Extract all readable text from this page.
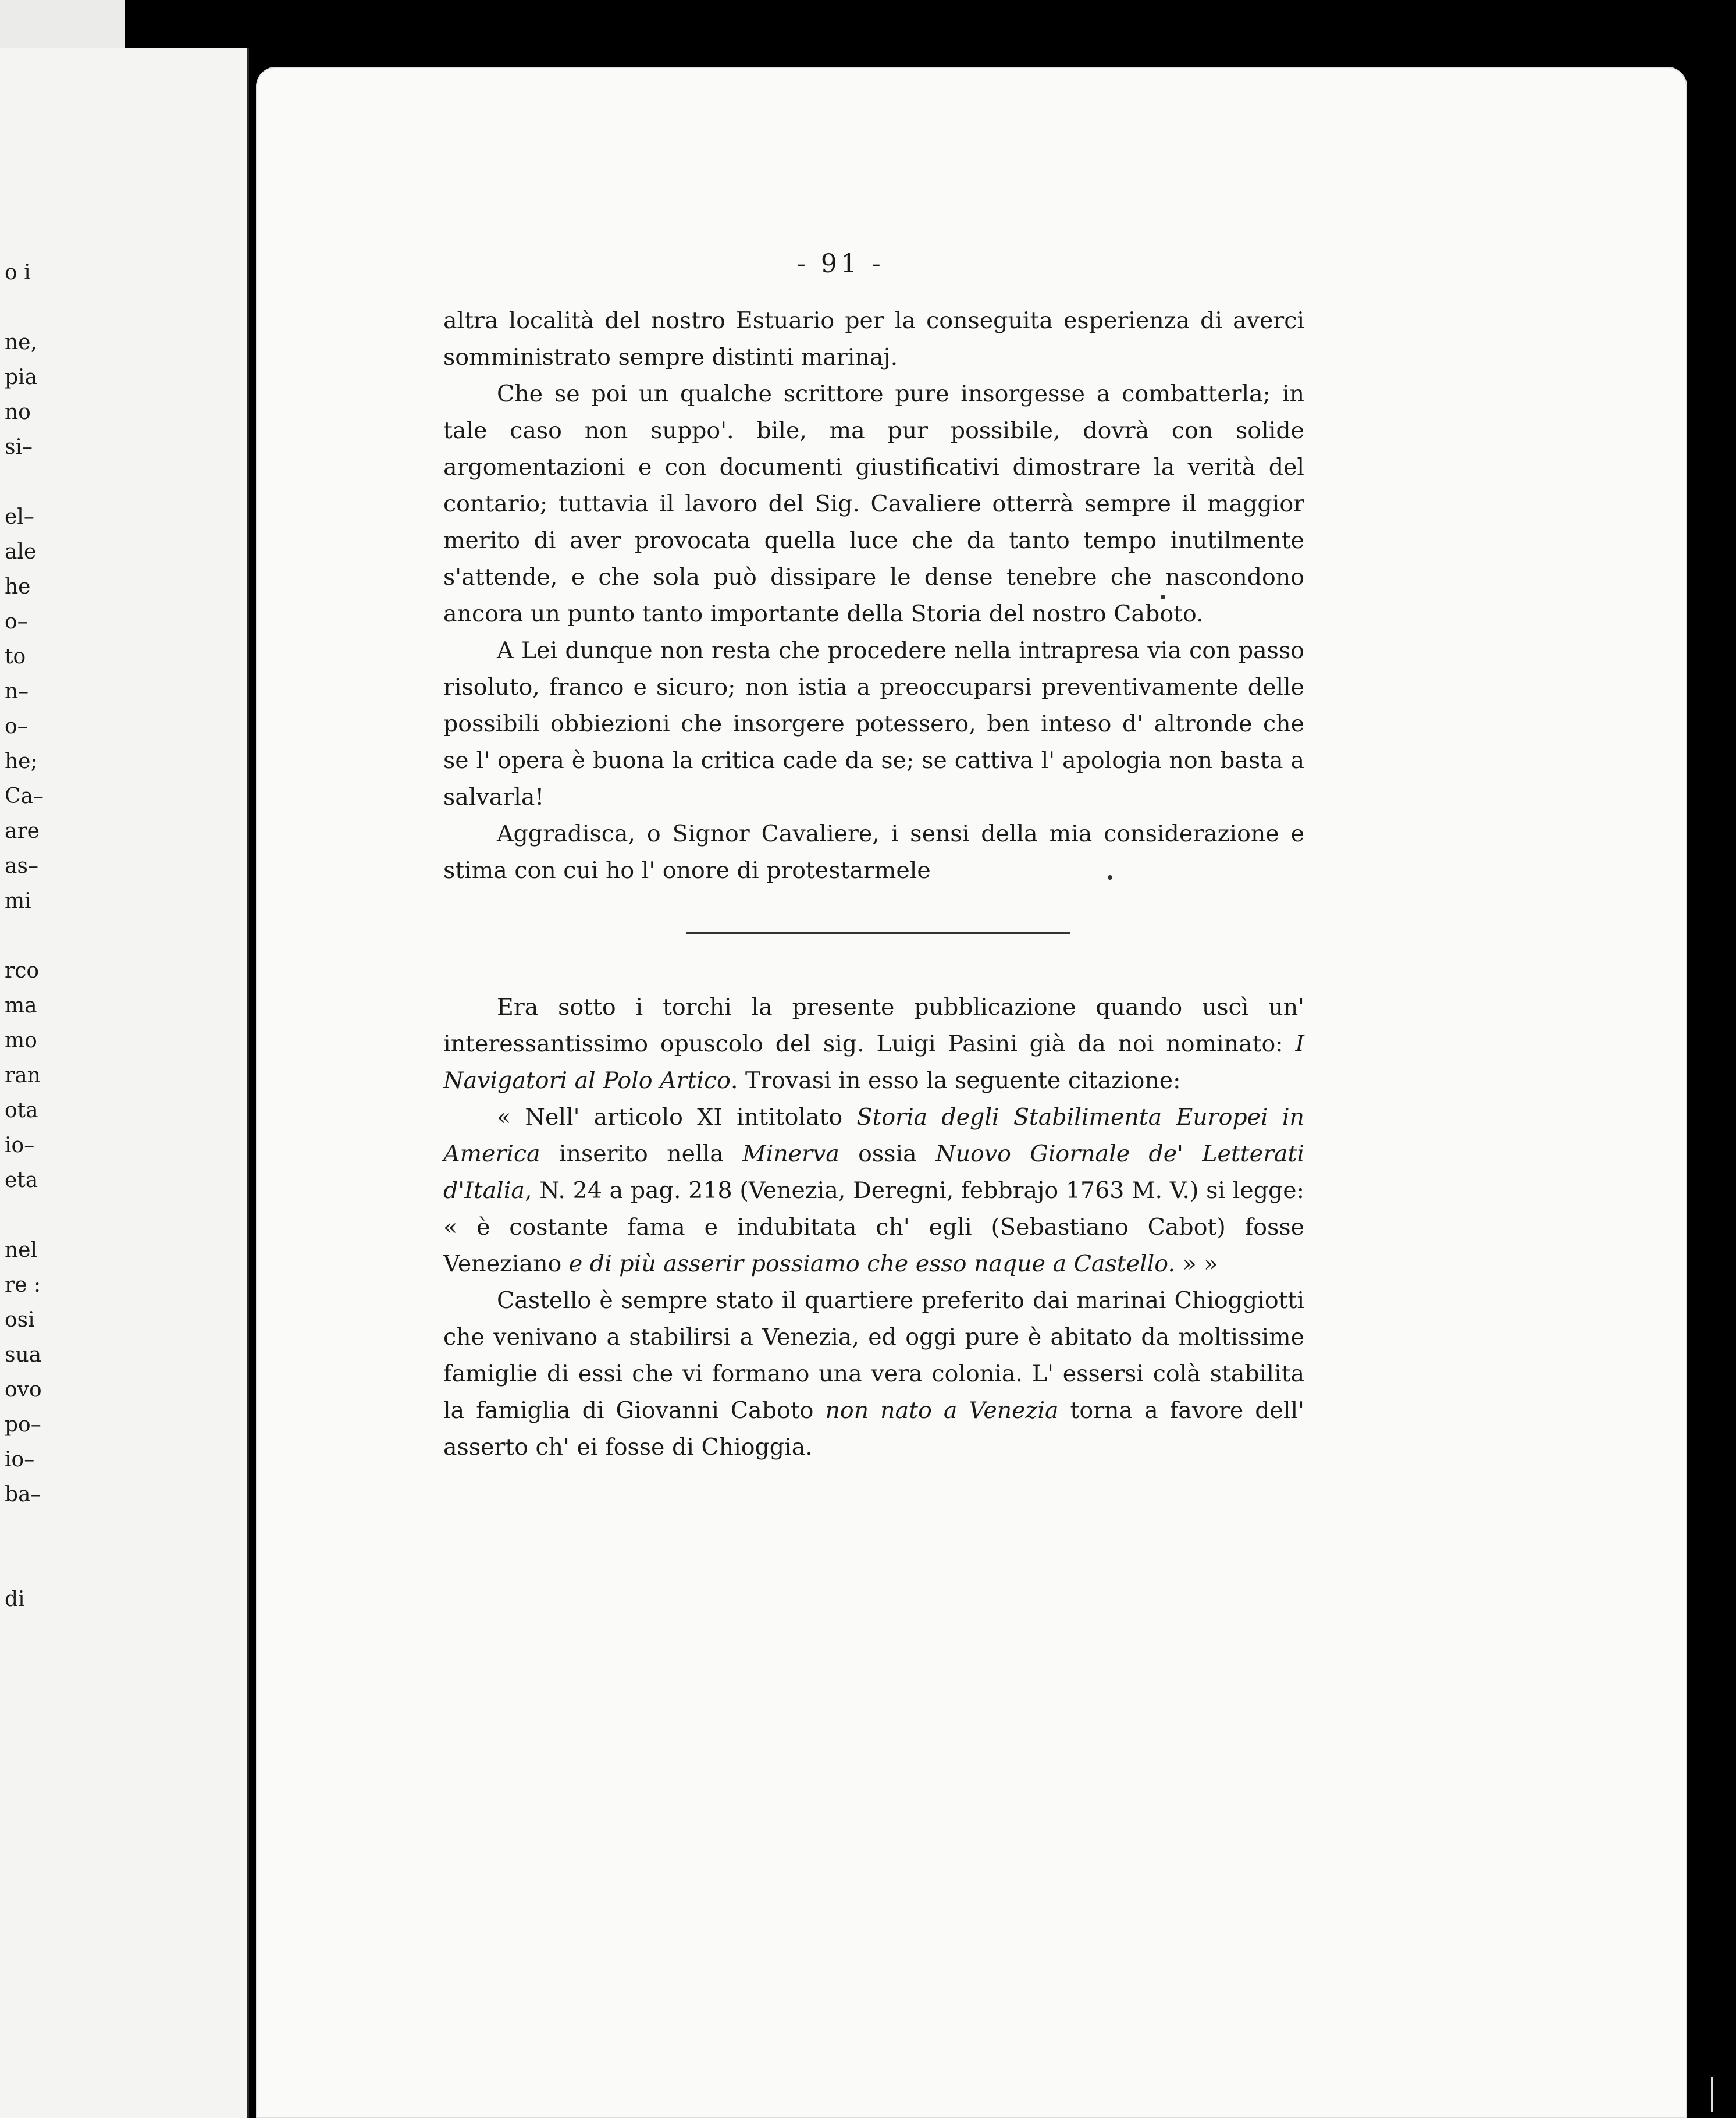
o i
ne,
pia
no
si–
el–
ale
he
o–
to
n–
o–
he;
Ca–
are
as–
mi
rco
ma
mo
ran
ota
io–
eta
nel
re :
osi
sua
ovo
po–
io–
ba–
di
- 91 -

altra località del nostro Estuario per la conseguita esperienza di averci somministrato sempre distinti marinaj.

Che se poi un qualche scrittore pure insorgesse a combatterla; in tale caso non suppo'. bile, ma pur possibile, dovrà con solide argomentazioni e con documenti giustificativi dimostrare la verità del contario; tuttavia il lavoro del Sig. Cavaliere otterrà sempre il maggior merito di aver provocata quella luce che da tanto tempo inutilmente s'attende, e che sola può dissipare le dense tenebre che nascondono ancora un punto tanto importante della Storia del nostro Caboto.

A Lei dunque non resta che procedere nella intrapresa via con passo risoluto, franco e sicuro; non istia a preoccuparsi preventivamente delle possibili obbiezioni che insorgere potessero, ben inteso d' altronde che se l' opera è buona la critica cade da se; se cattiva l' apologia non basta a salvarla!

Aggradisca, o Signor Cavaliere, i sensi della mia considerazione e stima con cui ho l' onore di protestarmele

Era sotto i torchi la presente pubblicazione quando uscì un' interessantissimo opuscolo del sig. Luigi Pasini già da noi nominato: I Navigatori al Polo Artico. Trovasi in esso la seguente citazione:

« Nell' articolo XI intitolato Storia degli Stabilimenta Europei in America inserito nella Minerva ossia Nuovo Giornale de' Letterati d'Italia, N. 24 a pag. 218 (Venezia, Deregni, febbrajo 1763 M. V.) si legge: « è costante fama e indubitata ch' egli (Sebastiano Cabot) fosse Veneziano e di più asserir possiamo che esso naque a Castello. » »

Castello è sempre stato il quartiere preferito dai marinai Chioggiotti che venivano a stabilirsi a Venezia, ed oggi pure è abitato da moltissime famiglie di essi che vi formano una vera colonia. L' essersi colà stabilita la famiglia di Giovanni Caboto non nato a Venezia torna a favore dell' asserto ch' ei fosse di Chioggia.
